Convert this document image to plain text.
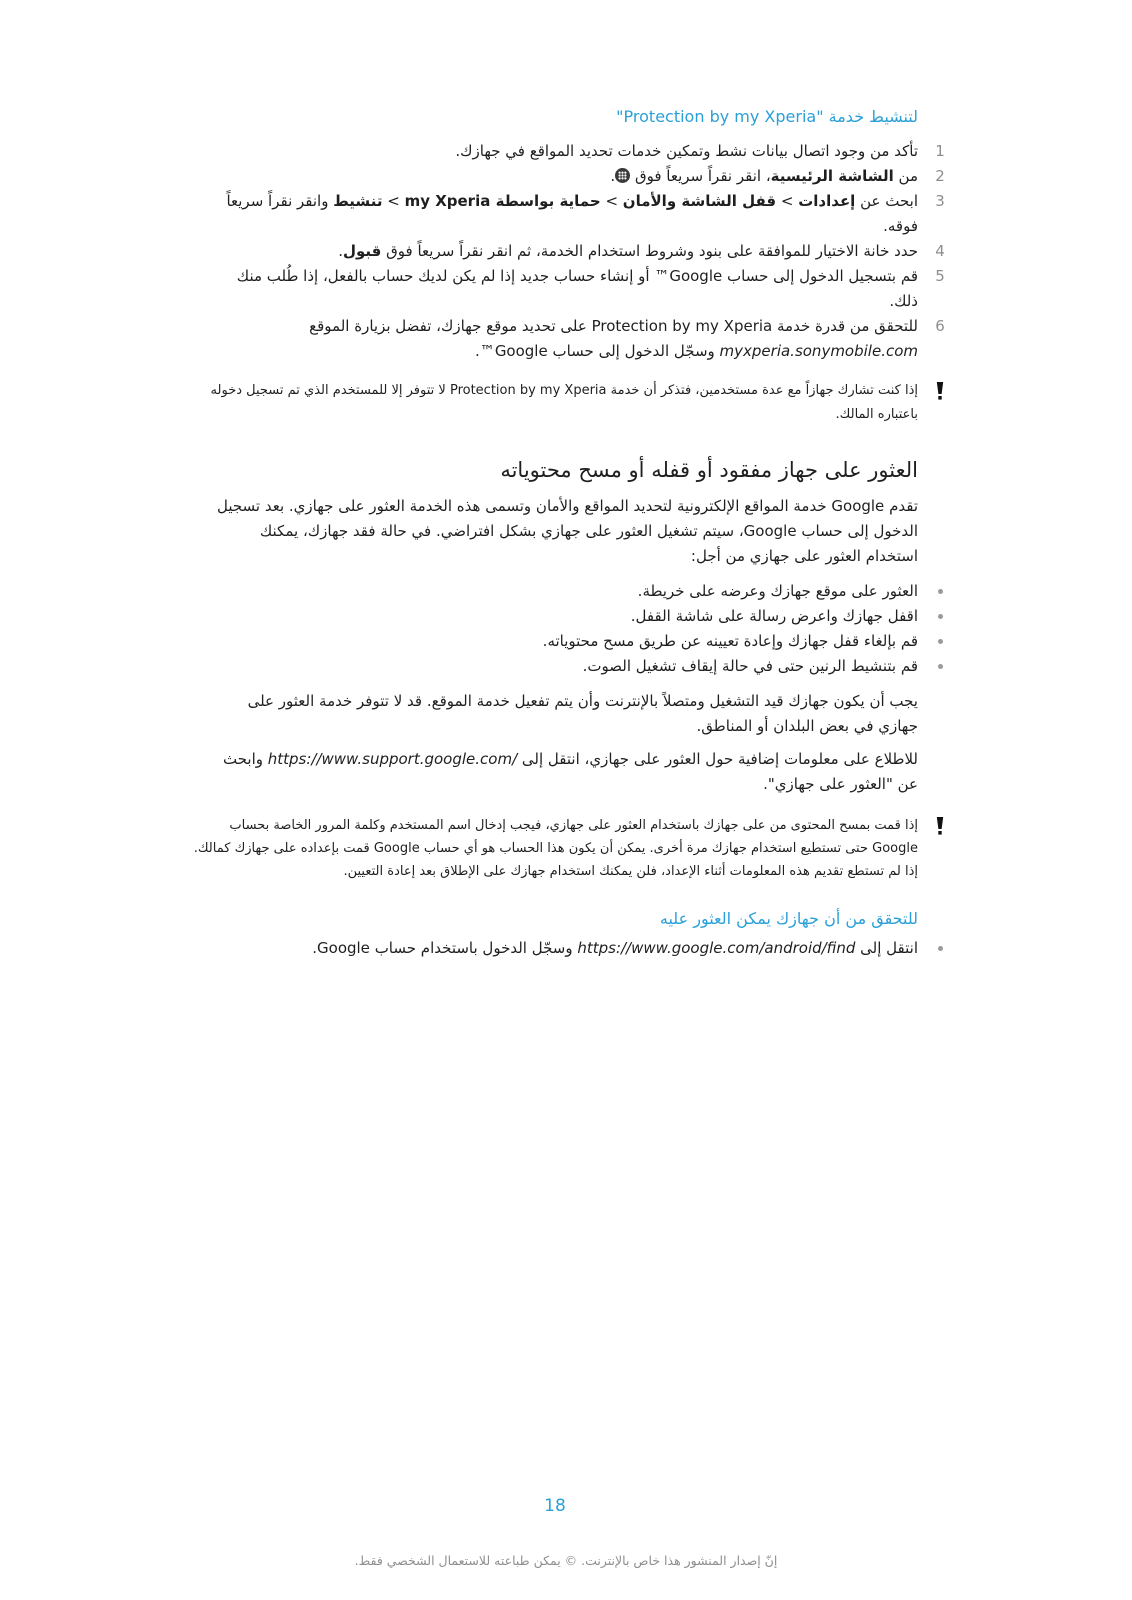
لتنشيط خدمة "Protection by my Xperia"
1
تأكد من وجود اتصال بيانات نشط وتمكين خدمات تحديد المواقع في جهازك.
2
من الشاشة الرئيسية، انقر نقراً سريعاً فوق
.
3
ابحث عن إعدادات > قفل الشاشة والأمان > حماية بواسطة my Xperia > تنشيط وانقر نقراً سريعاً فوقه.
4
حدد خانة الاختيار للموافقة على بنود وشروط استخدام الخدمة، ثم انقر نقراً سريعاً فوق قبول.
5
قم بتسجيل الدخول إلى حساب Google™ أو إنشاء حساب جديد إذا لم يكن لديك حساب بالفعل، إذا طُلب منك ذلك.
6
للتحقق من قدرة خدمة Protection by my Xperia على تحديد موقع جهازك، تفضل بزيارة الموقع myxperia.sonymobile.com وسجّل الدخول إلى حساب Google™.
إذا كنت تشارك جهازاً مع عدة مستخدمين، فتذكر أن خدمة Protection by my Xperia لا تتوفر إلا للمستخدم الذي تم تسجيل دخوله باعتباره المالك.
العثور على جهاز مفقود أو قفله أو مسح محتوياته

تقدم Google خدمة المواقع الإلكترونية لتحديد المواقع والأمان وتسمى هذه الخدمة العثور على جهازي. بعد تسجيل الدخول إلى حساب Google، سيتم تشغيل العثور على جهازي بشكل افتراضي. في حالة فقد جهازك، يمكنك استخدام العثور على جهازي من أجل:

العثور على موقع جهازك وعرضه على خريطة.
اقفل جهازك واعرض رسالة على شاشة القفل.
قم بإلغاء قفل جهازك وإعادة تعيينه عن طريق مسح محتوياته.
قم بتنشيط الرنين حتى في حالة إيقاف تشغيل الصوت.

يجب أن يكون جهازك قيد التشغيل ومتصلاً بالإنترنت وأن يتم تفعيل خدمة الموقع. قد لا تتوفر خدمة العثور على جهازي في بعض البلدان أو المناطق.

للاطلاع على معلومات إضافية حول العثور على جهازي، انتقل إلى https://www.support.google.com/ وابحث عن "العثور على جهازي".

إذا قمت بمسح المحتوى من على جهازك باستخدام العثور على جهازي، فيجب إدخال اسم المستخدم وكلمة المرور الخاصة بحساب Google حتى تستطيع استخدام جهازك مرة أخرى. يمكن أن يكون هذا الحساب هو أي حساب Google قمت بإعداده على جهازك كمالك. إذا لم تستطع تقديم هذه المعلومات أثناء الإعداد، فلن يمكنك استخدام جهازك على الإطلاق بعد إعادة التعيين.
للتحقق من أن جهازك يمكن العثور عليه
انتقل إلى https://www.google.com/android/find وسجّل الدخول باستخدام حساب Google.
18
إنّ إصدار المنشور هذا خاص بالإنترنت. © يمكن طباعته للاستعمال الشخصي فقط.
